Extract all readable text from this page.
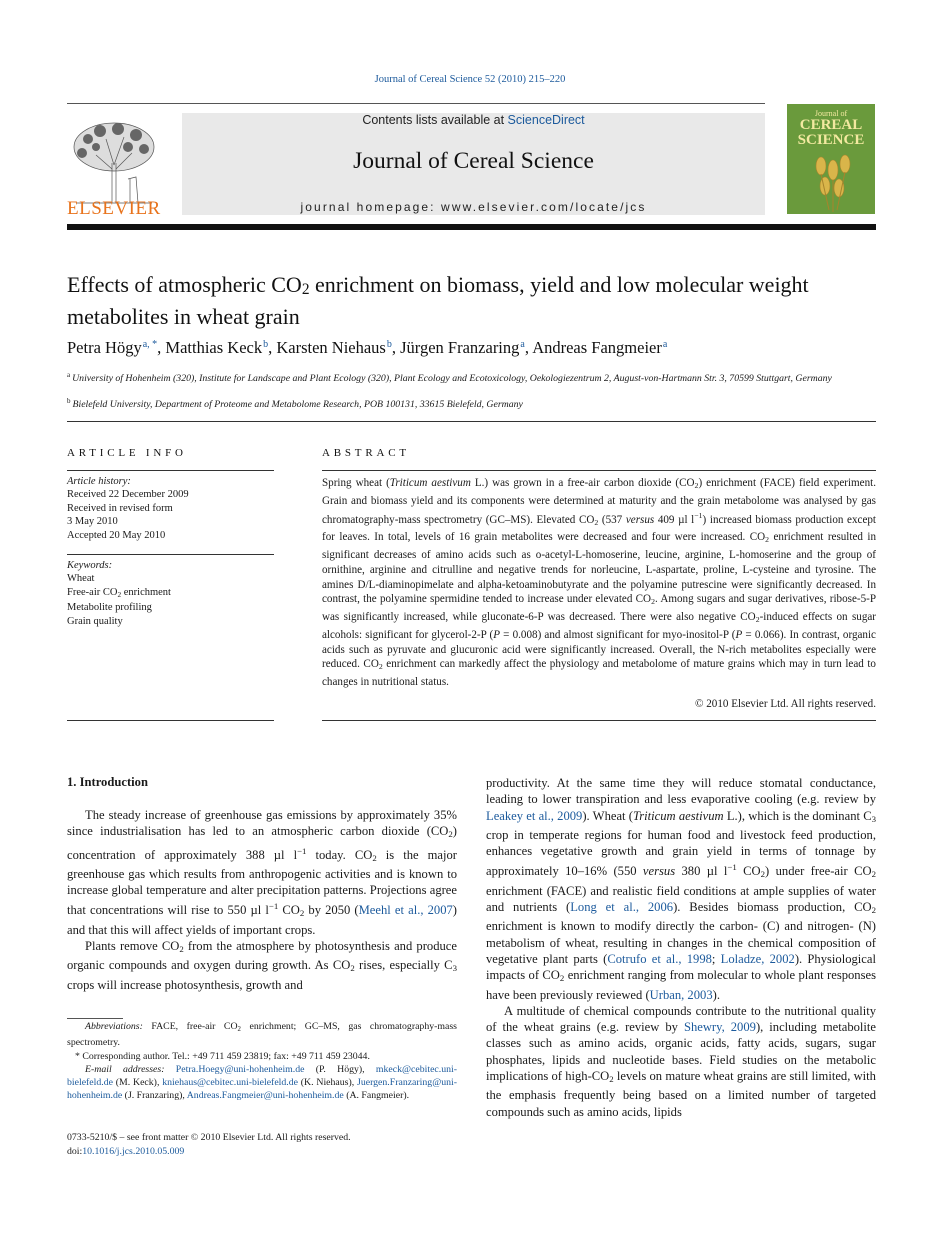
Journal of Cereal Science 52 (2010) 215–220
ELSEVIER
Contents lists available at ScienceDirect
Journal of Cereal Science
journal homepage: www.elsevier.com/locate/jcs
Journal of
CEREAL
SCIENCE
Effects of atmospheric $CO_2$ enrichment on biomass, yield and low molecular weight metabolites in wheat grain
Petra Högy$^{a, *}$, Matthias Keck$^b$, Karsten Niehaus$^b$, Jürgen Franzaring$^a$, Andreas Fangmeier$^a$
$^a$ University of Hohenheim (320), Institute for Landscape and Plant Ecology (320), Plant Ecology and Ecotoxicology, Oekologiezentrum 2, August-von-Hartmann Str. 3, 70599 Stuttgart, Germany
$^b$ Bielefeld University, Department of Proteome and Metabolome Research, POB 100131, 33615 Bielefeld, Germany
ARTICLE INFO
Article history:
Received 22 December 2009
Received in revised form
3 May 2010
Accepted 20 May 2010
Keywords:
Wheat
Free-air $CO_2$ enrichment
Metabolite profiling
Grain quality
ABSTRACT
Spring wheat (Triticum aestivum L.) was grown in a free-air carbon dioxide $(CO_2)$ enrichment (FACE) field experiment. Grain and biomass yield and its components were determined at maturity and the grain metabolome was analysed by gas chromatography-mass spectrometry (GC–MS). Elevated $CO_2$ (537 versus 409 µl $l^{-1}$) increased biomass production except for leaves. In total, levels of 16 grain metabolites were decreased and four were increased. $CO_2$ enrichment resulted in significant decreases of amino acids such as o-acetyl-L-homoserine, leucine, arginine, L-homoserine and the group of ornithine, arginine and citrulline and negative trends for norleucine, L-aspartate, proline, L-cysteine and tyrosine. The amines D/L-diaminopimelate and alpha-ketoaminobutyrate and the polyamine putrescine were significantly decreased. In contrast, the polyamine spermidine tended to increase under elevated $CO_2$. Among sugars and sugar derivatives, ribose-5-P was significantly increased, while gluconate-6-P was decreased. There were also negative $CO_2$-induced effects on sugar alcohols: significant for glycerol-2-P (P = 0.008) and almost significant for myo-inositol-P (P = 0.066). In contrast, organic acids such as pyruvate and glucuronic acid were significantly increased. Overall, the N-rich metabolites especially were reduced. $CO_2$ enrichment can markedly affect the physiology and metabolome of mature grains which may in turn lead to changes in nutritional status.
© 2010 Elsevier Ltd. All rights reserved.
1. Introduction

The steady increase of greenhouse gas emissions by approximately 35% since industrialisation has led to an atmospheric carbon dioxide $(CO_2)$ concentration of approximately 388 µl $l^{-1}$ today. $CO_2$ is the major greenhouse gas which results from anthropogenic activities and is known to increase global temperature and alter precipitation patterns. Projections agree that concentrations will rise to 550 µl $l^{-1}$ $CO_2$ by 2050 (Meehl et al., 2007) and that this will affect yields of important crops.

Plants remove $CO_2$ from the atmosphere by photosynthesis and produce organic compounds and oxygen during growth. As $CO_2$ rises, especially $C_3$ crops will increase photosynthesis, growth and

productivity. At the same time they will reduce stomatal conductance, leading to lower transpiration and less evaporative cooling (e.g. review by Leakey et al., 2009). Wheat (Triticum aestivum L.), which is the dominant $C_3$ crop in temperate regions for human food and livestock feed production, enhances vegetative growth and grain yield in terms of tonnage by approximately 10–16% (550 versus 380 µl $l^{-1}$ $CO_2$) under free-air $CO_2$ enrichment (FACE) and realistic field conditions at ample supplies of water and nutrients (Long et al., 2006). Besides biomass production, $CO_2$ enrichment is known to modify directly the carbon- (C) and nitrogen- (N) metabolism of wheat, resulting in changes in the chemical composition of vegetative plant parts (Cotrufo et al., 1998; Loladze, 2002). Physiological impacts of $CO_2$ enrichment ranging from molecular to whole plant responses have been previously reviewed (Urban, 2003).

A multitude of chemical compounds contribute to the nutritional quality of the wheat grains (e.g. review by Shewry, 2009), including metabolite classes such as amino acids, organic acids, fatty acids, sugars, sugar phosphates, lipids and nucleotide bases. Field studies on the metabolic implications of high-$CO_2$ levels on mature wheat grains are still limited, with the emphasis frequently being based on a limited number of targeted compounds such as amino acids, lipids

Abbreviations: FACE, free-air $CO_2$ enrichment; GC–MS, gas chromatography-mass spectrometry.
* Corresponding author. Tel.: +49 711 459 23819; fax: +49 711 459 23044.
E-mail addresses: Petra.Hoegy@uni-hohenheim.de (P. Högy), mkeck@cebitec.uni-bielefeld.de (M. Keck), kniehaus@cebitec.uni-bielefeld.de (K. Niehaus), Juergen.Franzaring@uni-hohenheim.de (J. Franzaring), Andreas.Fangmeier@uni-hohenheim.de (A. Fangmeier).
0733-5210/$ – see front matter © 2010 Elsevier Ltd. All rights reserved.
doi:10.1016/j.jcs.2010.05.009
